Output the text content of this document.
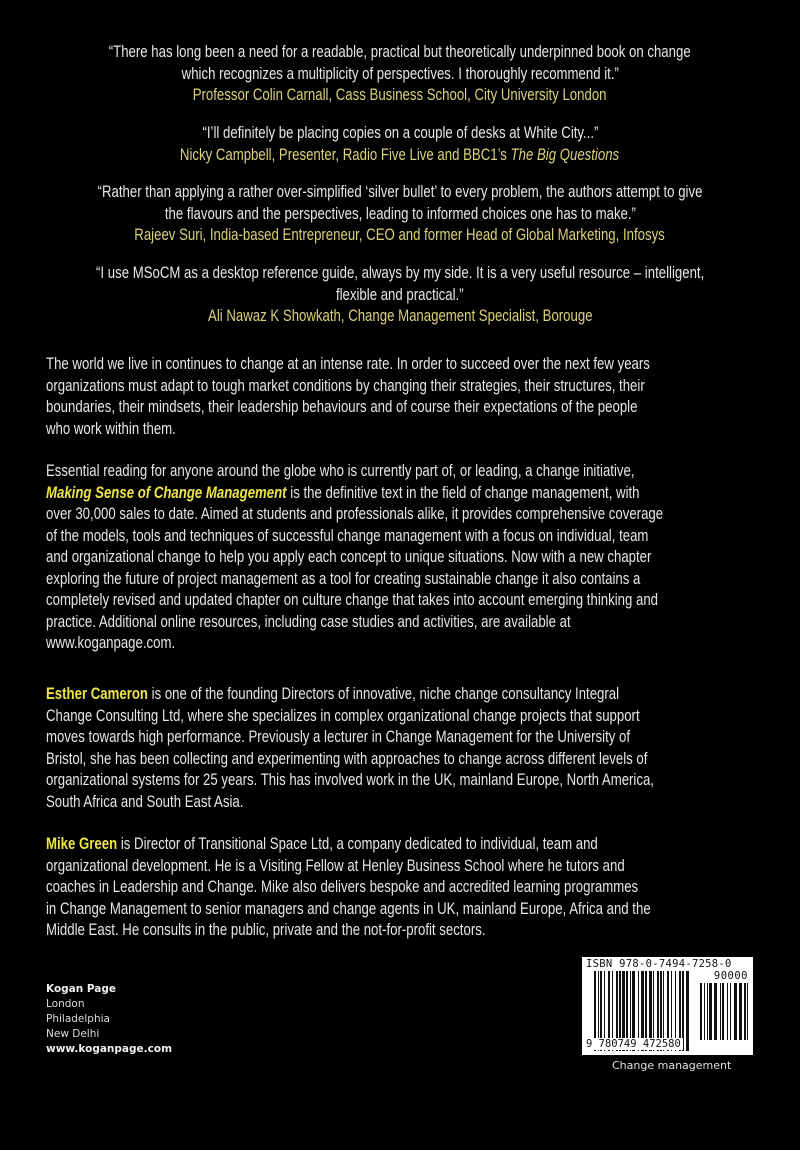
“There has long been a need for a readable, practical but theoretically underpinned book on change
which recognizes a multiplicity of perspectives. I thoroughly recommend it.”
Professor Colin Carnall, Cass Business School, City University London
“I’ll definitely be placing copies on a couple of desks at White City...”
Nicky Campbell, Presenter, Radio Five Live and BBC1’s The Big Questions
“Rather than applying a rather over-simplified ‘silver bullet’ to every problem, the authors attempt to give
the flavours and the perspectives, leading to informed choices one has to make.”
Rajeev Suri, India-based Entrepreneur, CEO and former Head of Global Marketing, Infosys
“I use MSoCM as a desktop reference guide, always by my side. It is a very useful resource – intelligent,
flexible and practical.”
Ali Nawaz K Showkath, Change Management Specialist, Borouge
The world we live in continues to change at an intense rate. In order to succeed over the next few years
organizations must adapt to tough market conditions by changing their strategies, their structures, their
boundaries, their mindsets, their leadership behaviours and of course their expectations of the people
who work within them.
Essential reading for anyone around the globe who is currently part of, or leading, a change initiative,
Making Sense of Change Management is the definitive text in the field of change management, with
over 30,000 sales to date. Aimed at students and professionals alike, it provides comprehensive coverage
of the models, tools and techniques of successful change management with a focus on individual, team
and organizational change to help you apply each concept to unique situations. Now with a new chapter
exploring the future of project management as a tool for creating sustainable change it also contains a
completely revised and updated chapter on culture change that takes into account emerging thinking and
practice. Additional online resources, including case studies and activities, are available at
www.koganpage.com.
Esther Cameron is one of the founding Directors of innovative, niche change consultancy Integral
Change Consulting Ltd, where she specializes in complex organizational change projects that support
moves towards high performance. Previously a lecturer in Change Management for the University of
Bristol, she has been collecting and experimenting with approaches to change across different levels of
organizational systems for 25 years. This has involved work in the UK, mainland Europe, North America,
South Africa and South East Asia.
Mike Green is Director of Transitional Space Ltd, a company dedicated to individual, team and
organizational development. He is a Visiting Fellow at Henley Business School where he tutors and
coaches in Leadership and Change. Mike also delivers bespoke and accredited learning programmes
in Change Management to senior managers and change agents in UK, mainland Europe, Africa and the
Middle East. He consults in the public, private and the not-for-profit sectors.
Kogan Page
London
Philadelphia
New Delhi
www.koganpage.com
ISBN 978-0-7494-7258-0
90000
9 780749 472580
Change management
